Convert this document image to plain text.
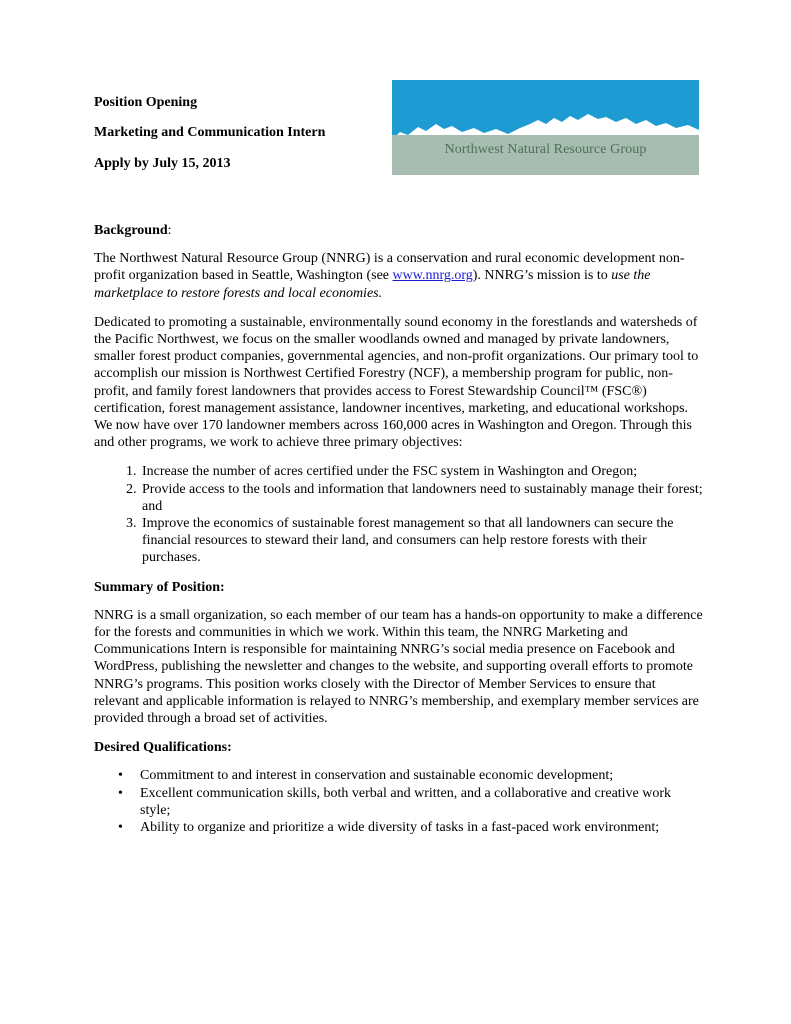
Position Opening
Marketing and Communication Intern
Apply by July 15, 2013
Northwest Natural Resource Group
Background:

The Northwest Natural Resource Group (NNRG) is a conservation and rural economic development non-profit organization based in Seattle, Washington (see www.nnrg.org). NNRG’s mission is to use the marketplace to restore forests and local economies.

Dedicated to promoting a sustainable, environmentally sound economy in the forestlands and watersheds of the Pacific Northwest, we focus on the smaller woodlands owned and managed by private landowners, smaller forest product companies, governmental agencies, and non-profit organizations. Our primary tool to accomplish our mission is Northwest Certified Forestry (NCF), a membership program for public, non-profit, and family forest landowners that provides access to Forest Stewardship Council™ (FSC®) certification, forest management assistance, landowner incentives, marketing, and educational workshops. We now have over 170 landowner members across 160,000 acres in Washington and Oregon. Through this and other programs, we work to achieve three primary objectives:

1. Increase the number of acres certified under the FSC system in Washington and Oregon;
2. Provide access to the tools and information that landowners need to sustainably manage their forest; and
3. Improve the economics of sustainable forest management so that all landowners can secure the financial resources to steward their land, and consumers can help restore forests with their purchases.
Summary of Position:

NNRG is a small organization, so each member of our team has a hands-on opportunity to make a difference for the forests and communities in which we work. Within this team, the NNRG Marketing and Communications Intern is responsible for maintaining NNRG’s social media presence on Facebook and WordPress, publishing the newsletter and changes to the website, and supporting overall efforts to promote NNRG’s programs. This position works closely with the Director of Member Services to ensure that relevant and applicable information is relayed to NNRG’s membership, and exemplary member services are provided through a broad set of activities.

Desired Qualifications:
• Commitment to and interest in conservation and sustainable economic development;
• Excellent communication skills, both verbal and written, and a collaborative and creative work style;
• Ability to organize and prioritize a wide diversity of tasks in a fast-paced work environment;
